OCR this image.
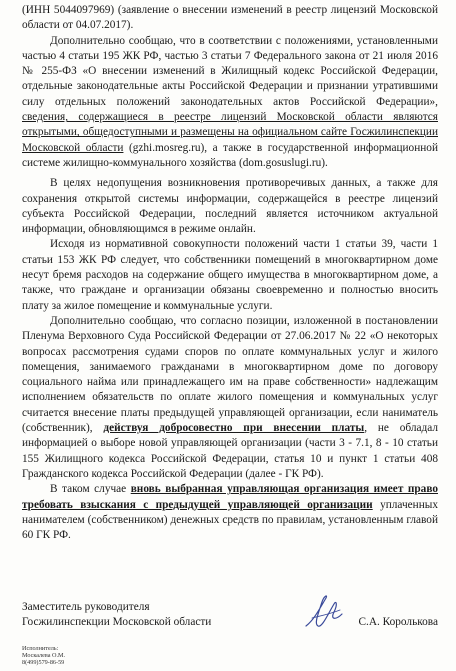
(ИНН 5044097969) (заявление о внесении изменений в реестр лицензий Московской области от 04.07.2017).

Дополнительно сообщаю, что в соответствии с положениями, установленными частью 4 статьи 195 ЖК РФ, частью 3 статьи 7 Федерального закона от 21 июля 2016 № 255-ФЗ «О внесении изменений в Жилищный кодекс Российской Федерации, отдельные законодательные акты Российской Федерации и признании утратившими силу отдельных положений законодательных актов Российской Федерации», сведения, содержащиеся в реестре лицензий Московской области являются открытыми, общедоступными и размещены на официальном сайте Госжилинспекции Московской области (gzhi.mosreg.ru), а также в государственной информационной системе жилищно-коммунального хозяйства (dom.gosuslugi.ru).

В целях недопущения возникновения противоречивых данных, а также для сохранения открытой системы информации, содержащейся в реестре лицензий субъекта Российской Федерации, последний является источником актуальной информации, обновляющимся в режиме онлайн.

Исходя из нормативной совокупности положений части 1 статьи 39, части 1 статьи 153 ЖК РФ следует, что собственники помещений в многоквартирном доме несут бремя расходов на содержание общего имущества в многоквартирном доме, а также, что граждане и организации обязаны своевременно и полностью вносить плату за жилое помещение и коммунальные услуги.

Дополнительно сообщаю, что согласно позиции, изложенной в постановлении Пленума Верховного Суда Российской Федерации от 27.06.2017 № 22 «О некоторых вопросах рассмотрения судами споров по оплате коммунальных услуг и жилого помещения, занимаемого гражданами в многоквартирном доме по договору социального найма или принадлежащего им на праве собственности» надлежащим исполнением обязательств по оплате жилого помещения и коммунальных услуг считается внесение платы предыдущей управляющей организации, если наниматель (собственник), действуя добросовестно при внесении платы, не обладал информацией о выборе новой управляющей организации (части 3 - 7.1, 8 - 10 статьи 155 Жилищного кодекса Российской Федерации, статья 10 и пункт 1 статьи 408 Гражданского кодекса Российской Федерации (далее - ГК РФ).

В таком случае вновь выбранная управляющая организация имеет право требовать взыскания с предыдущей управляющей организации уплаченных нанимателем (собственником) денежных средств по правилам, установленным главой 60 ГК РФ.

Заместитель руководителя
Госжилинспекции Московской области	С.А. Королькова
Исполнитель:
Москалева О.М.
8(499)579-86-59
